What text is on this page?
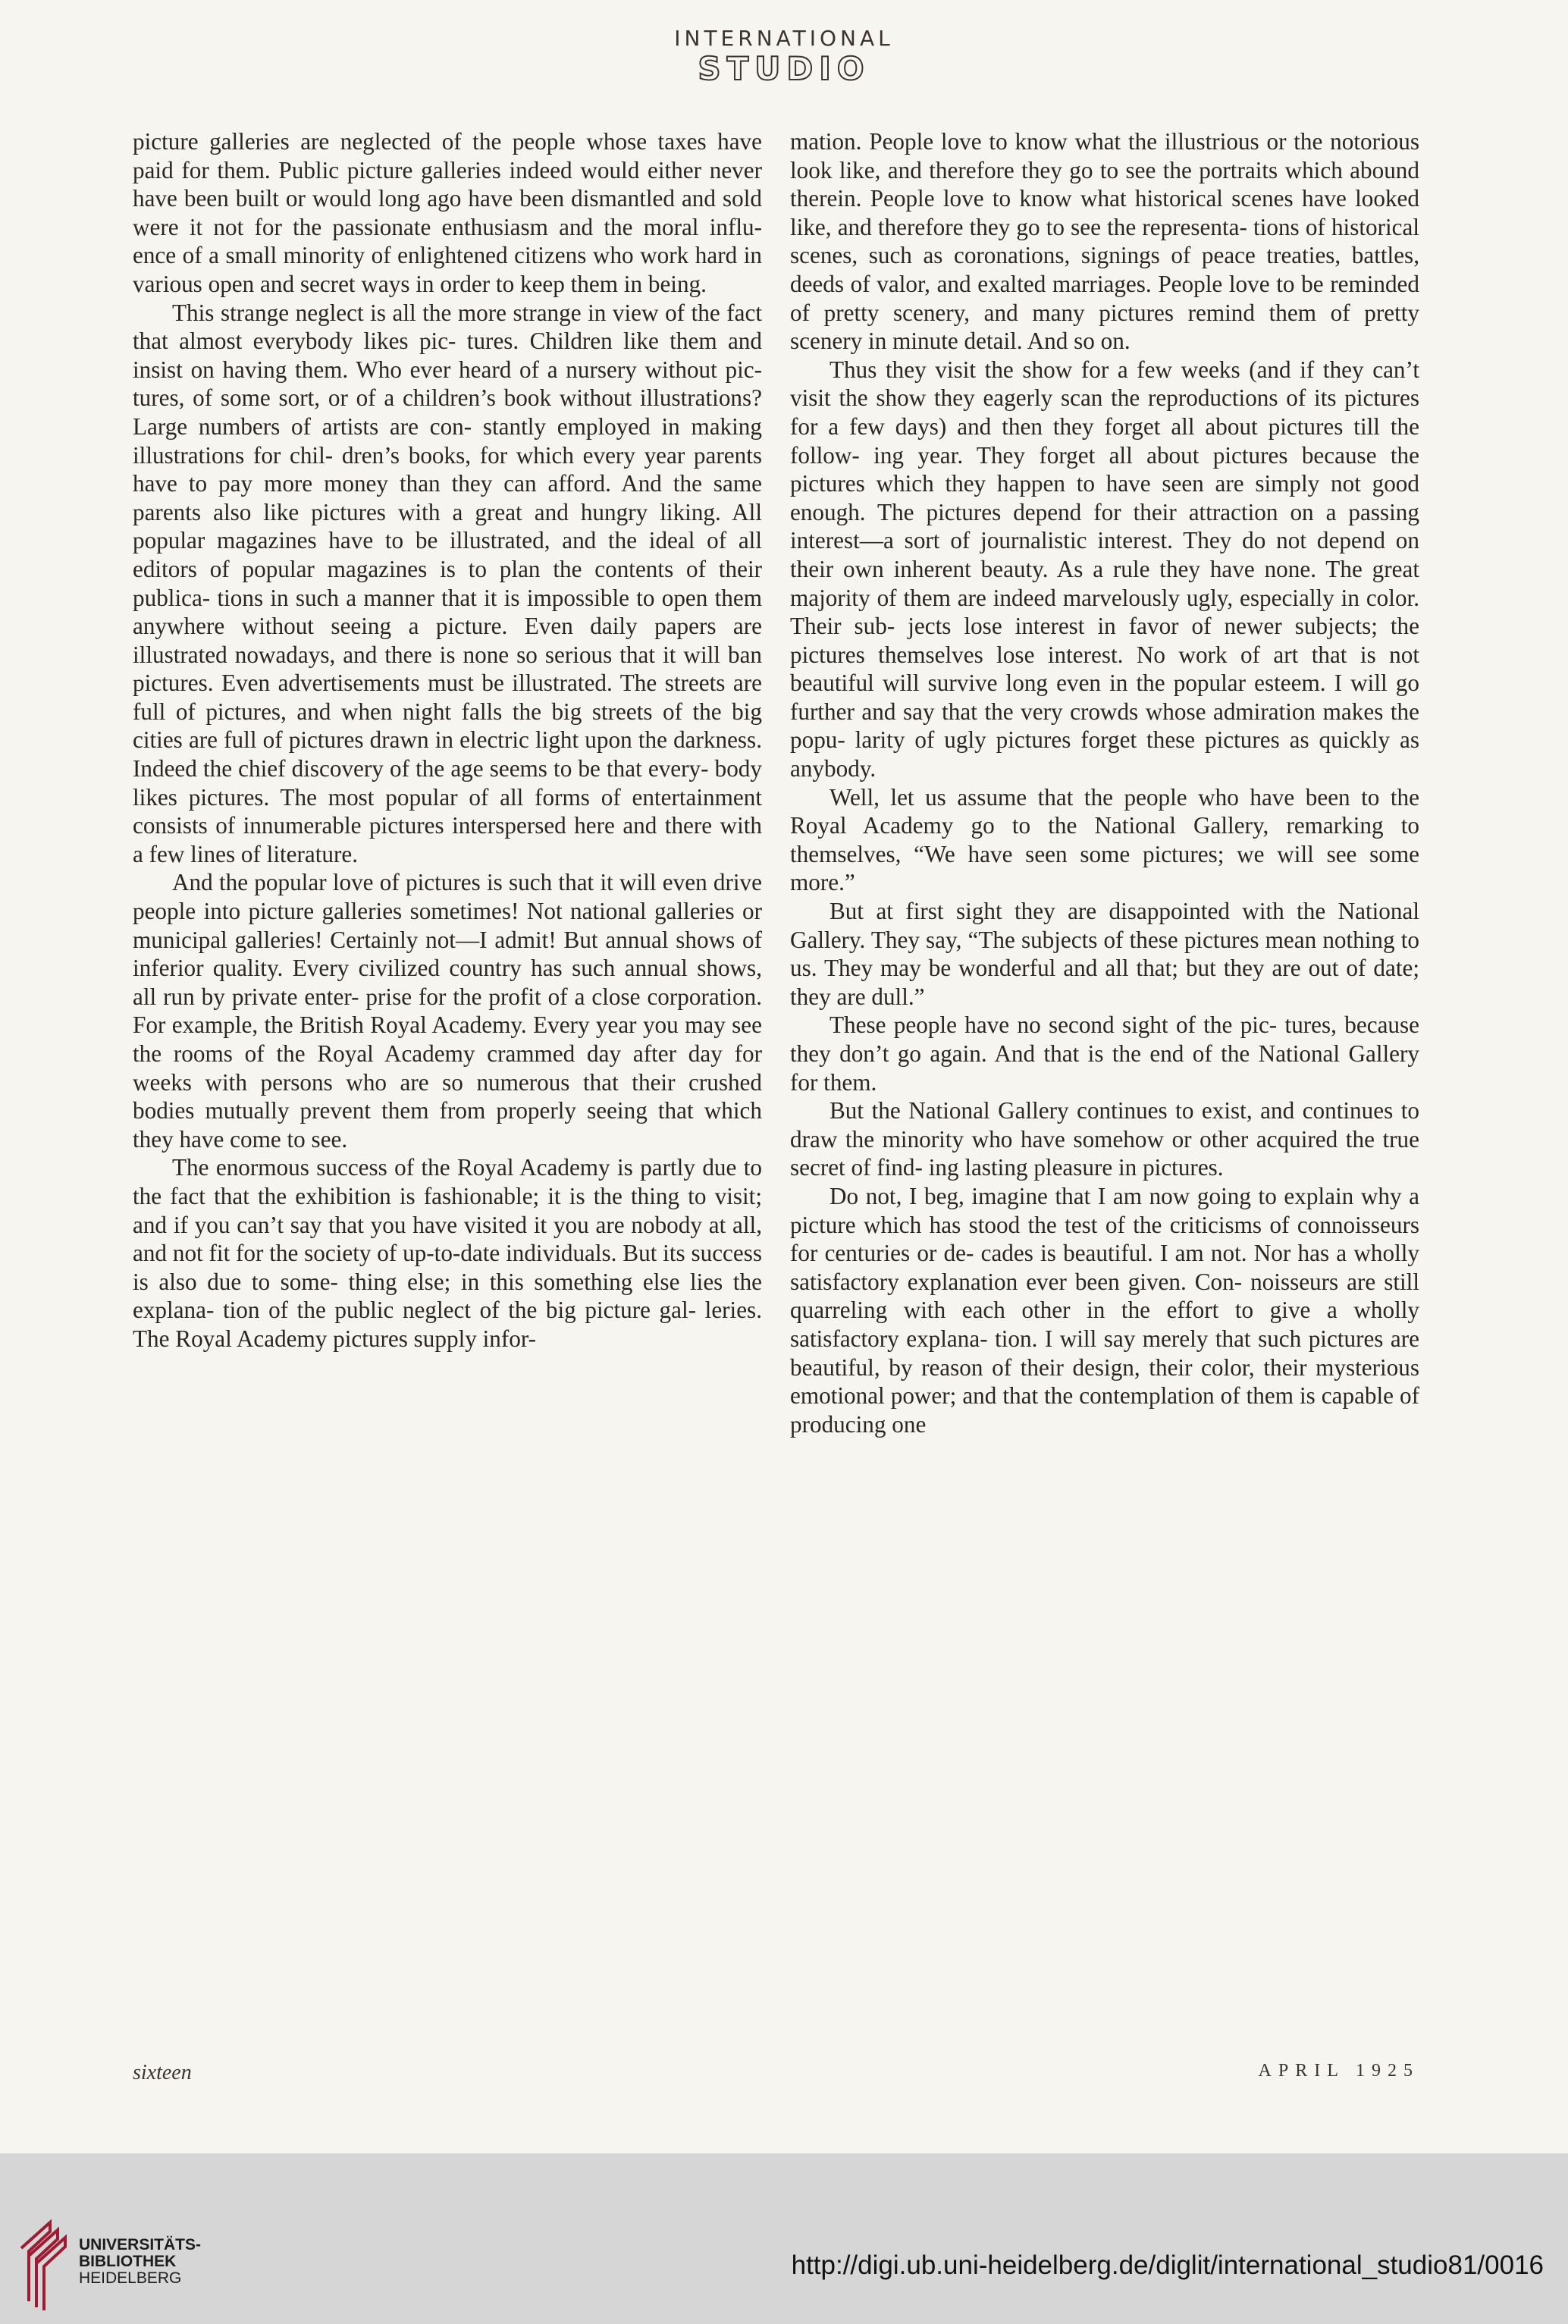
INTERNATIONAL
STUDIO

picture galleries are neglected of the people whose taxes have paid for them. Public picture galleries indeed would either never have been built or would long ago have been dismantled and sold were it not for the passionate enthusiasm and the moral influ- ence of a small minority of enlightened citizens who work hard in various open and secret ways in order to keep them in being.

This strange neglect is all the more strange in view of the fact that almost everybody likes pic- tures. Children like them and insist on having them. Who ever heard of a nursery without pic- tures, of some sort, or of a children’s book without illustrations? Large numbers of artists are con- stantly employed in making illustrations for chil- dren’s books, for which every year parents have to pay more money than they can afford. And the same parents also like pictures with a great and hungry liking. All popular magazines have to be illustrated, and the ideal of all editors of popular magazines is to plan the contents of their publica- tions in such a manner that it is impossible to open them anywhere without seeing a picture. Even daily papers are illustrated nowadays, and there is none so serious that it will ban pictures. Even advertisements must be illustrated. The streets are full of pictures, and when night falls the big streets of the big cities are full of pictures drawn in electric light upon the darkness. Indeed the chief discovery of the age seems to be that every- body likes pictures. The most popular of all forms of entertainment consists of innumerable pictures interspersed here and there with a few lines of literature.

And the popular love of pictures is such that it will even drive people into picture galleries sometimes! Not national galleries or municipal galleries! Certainly not—I admit! But annual shows of inferior quality. Every civilized country has such annual shows, all run by private enter- prise for the profit of a close corporation. For example, the British Royal Academy. Every year you may see the rooms of the Royal Academy crammed day after day for weeks with persons who are so numerous that their crushed bodies mutually prevent them from properly seeing that which they have come to see.

The enormous success of the Royal Academy is partly due to the fact that the exhibition is fashionable; it is the thing to visit; and if you can’t say that you have visited it you are nobody at all, and not fit for the society of up-to-date individuals. But its success is also due to some- thing else; in this something else lies the explana- tion of the public neglect of the big picture gal- leries. The Royal Academy pictures supply infor-

mation. People love to know what the illustrious or the notorious look like, and therefore they go to see the portraits which abound therein. People love to know what historical scenes have looked like, and therefore they go to see the representa- tions of historical scenes, such as coronations, signings of peace treaties, battles, deeds of valor, and exalted marriages. People love to be reminded of pretty scenery, and many pictures remind them of pretty scenery in minute detail. And so on.

Thus they visit the show for a few weeks (and if they can’t visit the show they eagerly scan the reproductions of its pictures for a few days) and then they forget all about pictures till the follow- ing year. They forget all about pictures because the pictures which they happen to have seen are simply not good enough. The pictures depend for their attraction on a passing interest—a sort of journalistic interest. They do not depend on their own inherent beauty. As a rule they have none. The great majority of them are indeed marvelously ugly, especially in color. Their sub- jects lose interest in favor of newer subjects; the pictures themselves lose interest. No work of art that is not beautiful will survive long even in the popular esteem. I will go further and say that the very crowds whose admiration makes the popu- larity of ugly pictures forget these pictures as quickly as anybody.

Well, let us assume that the people who have been to the Royal Academy go to the National Gallery, remarking to themselves, “We have seen some pictures; we will see some more.”

But at first sight they are disappointed with the National Gallery. They say, “The subjects of these pictures mean nothing to us. They may be wonderful and all that; but they are out of date; they are dull.”

These people have no second sight of the pic- tures, because they don’t go again. And that is the end of the National Gallery for them.

But the National Gallery continues to exist, and continues to draw the minority who have somehow or other acquired the true secret of find- ing lasting pleasure in pictures.

Do not, I beg, imagine that I am now going to explain why a picture which has stood the test of the criticisms of connoisseurs for centuries or de- cades is beautiful. I am not. Nor has a wholly satisfactory explanation ever been given. Con- noisseurs are still quarreling with each other in the effort to give a wholly satisfactory explana- tion. I will say merely that such pictures are beautiful, by reason of their design, their color, their mysterious emotional power; and that the contemplation of them is capable of producing one

sixteen	APRIL 1925
UNIVERSITÄTS-
BIBLIOTHEK
HEIDELBERG	http://digi.ub.uni-heidelberg.de/diglit/international_studio81/0016
